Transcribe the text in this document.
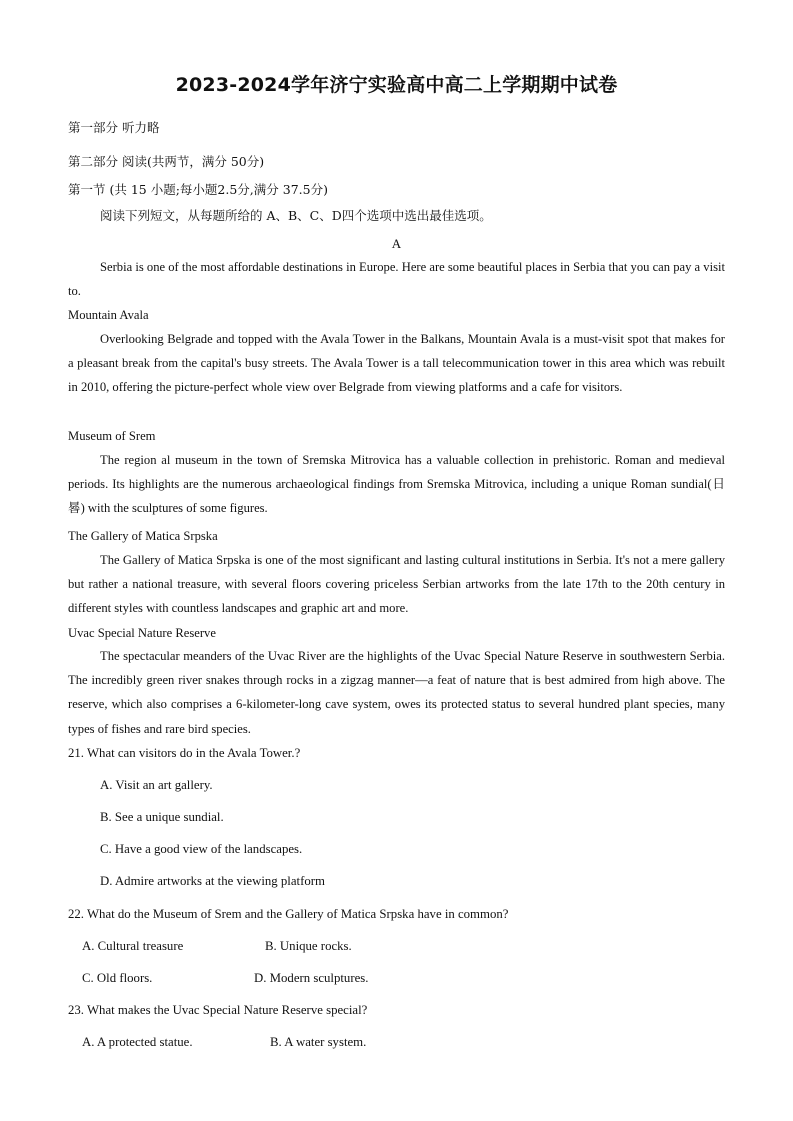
2023-2024学年济宁实验高中高二上学期期中试卷
第一部分 听力略
第二部分 阅读(共两节，满分 50分)
第一节 (共 15 小题;每小题2.5分,满分 37.5分)
阅读下列短文，从每题所给的 A、B、C、D四个选项中选出最佳选项。
A

Serbia is one of the most affordable destinations in Europe. Here are some beautiful places in Serbia that you can pay a visit to.

Mountain Avala

Overlooking Belgrade and topped with the Avala Tower in the Balkans, Mountain Avala is a must-visit spot that makes for a pleasant break from the capital's busy streets. The Avala Tower is a tall telecommunication tower in this area which was rebuilt in 2010, offering the picture-perfect whole view over Belgrade from viewing platforms and a cafe for visitors.

Museum of Srem

The region al museum in the town of Sremska Mitrovica has a valuable collection in prehistoric. Roman and medieval periods. Its highlights are the numerous archaeological findings from Sremska Mitrovica, including a unique Roman sundial(日晷) with the sculptures of some figures.

The Gallery of Matica Srpska

The Gallery of Matica Srpska is one of the most significant and lasting cultural institutions in Serbia. It's not a mere gallery but rather a national treasure, with several floors covering priceless Serbian artworks from the late 17th to the 20th century in different styles with countless landscapes and graphic art and more.

Uvac Special Nature Reserve

The spectacular meanders of the Uvac River are the highlights of the Uvac Special Nature Reserve in southwestern Serbia. The incredibly green river snakes through rocks in a zigzag manner—a feat of nature that is best admired from high above. The reserve, which also comprises a 6-kilometer-long cave system, owes its protected status to several hundred plant species, many types of fishes and rare bird species.

21. What can visitors do in the Avala Tower.?
A. Visit an art gallery.
B. See a unique sundial.
C. Have a good view of the landscapes.
D. Admire artworks at the viewing platform
22. What do the Museum of Srem and the Gallery of Matica Srpska have in common?
A. Cultural treasure	B. Unique rocks.
C. Old floors.	D. Modern sculptures.
23. What makes the Uvac Special Nature Reserve special?
A. A protected statue.	B. A water system.
